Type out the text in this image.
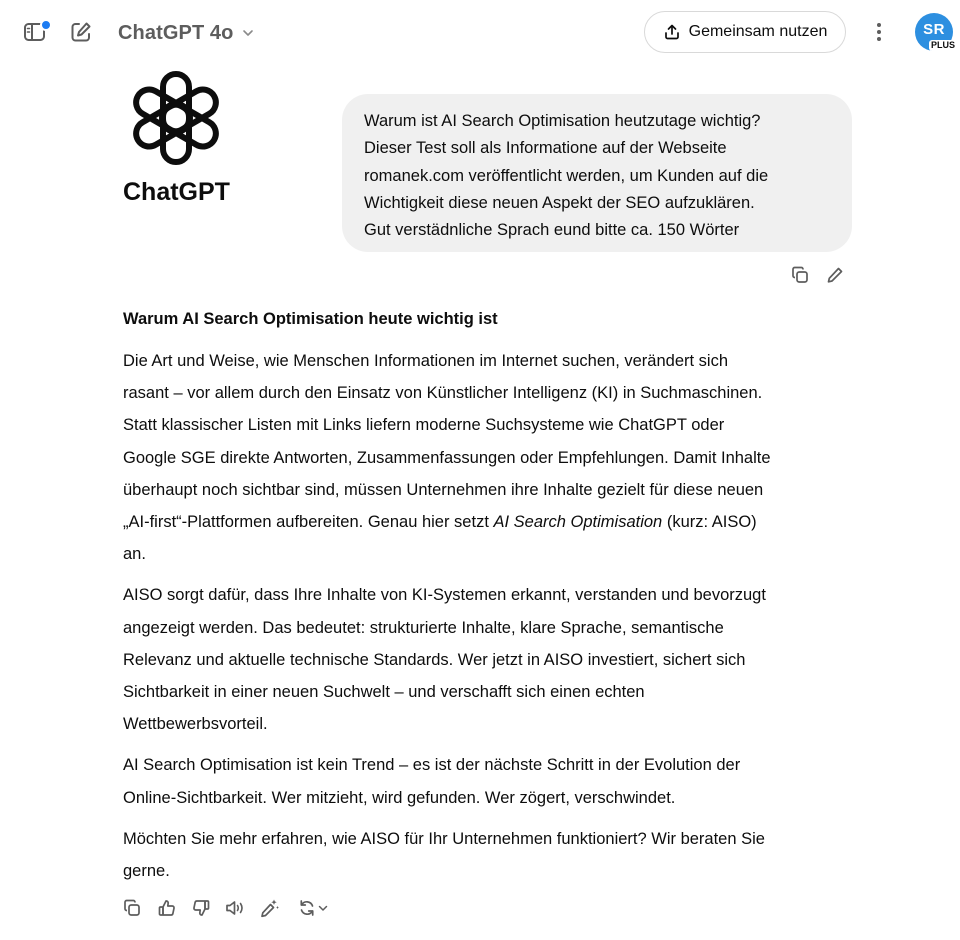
ChatGPT 4o	Gemeinsam nutzen	SR
PLUS
ChatGPT

Warum ist AI Search Optimisation heutzutage wichtig?
Dieser Test soll als Informatione auf der Webseite
romanek.com veröffentlicht werden, um Kunden auf die
Wichtigkeit diese neuen Aspekt der SEO aufzuklären.
Gut verstädnliche Sprach eund bitte ca. 150 Wörter

Warum AI Search Optimisation heute wichtig ist

Die Art und Weise, wie Menschen Informationen im Internet suchen, verändert sich
rasant – vor allem durch den Einsatz von Künstlicher Intelligenz (KI) in Suchmaschinen.
Statt klassischer Listen mit Links liefern moderne Suchsysteme wie ChatGPT oder
Google SGE direkte Antworten, Zusammenfassungen oder Empfehlungen. Damit Inhalte
überhaupt noch sichtbar sind, müssen Unternehmen ihre Inhalte gezielt für diese neuen
„AI-first“-Plattformen aufbereiten. Genau hier setzt AI Search Optimisation (kurz: AISO)
an.

AISO sorgt dafür, dass Ihre Inhalte von KI-Systemen erkannt, verstanden und bevorzugt
angezeigt werden. Das bedeutet: strukturierte Inhalte, klare Sprache, semantische
Relevanz und aktuelle technische Standards. Wer jetzt in AISO investiert, sichert sich
Sichtbarkeit in einer neuen Suchwelt – und verschafft sich einen echten
Wettbewerbsvorteil.

AI Search Optimisation ist kein Trend – es ist der nächste Schritt in der Evolution der
Online-Sichtbarkeit. Wer mitzieht, wird gefunden. Wer zögert, verschwindet.

Möchten Sie mehr erfahren, wie AISO für Ihr Unternehmen funktioniert? Wir beraten Sie
gerne.
